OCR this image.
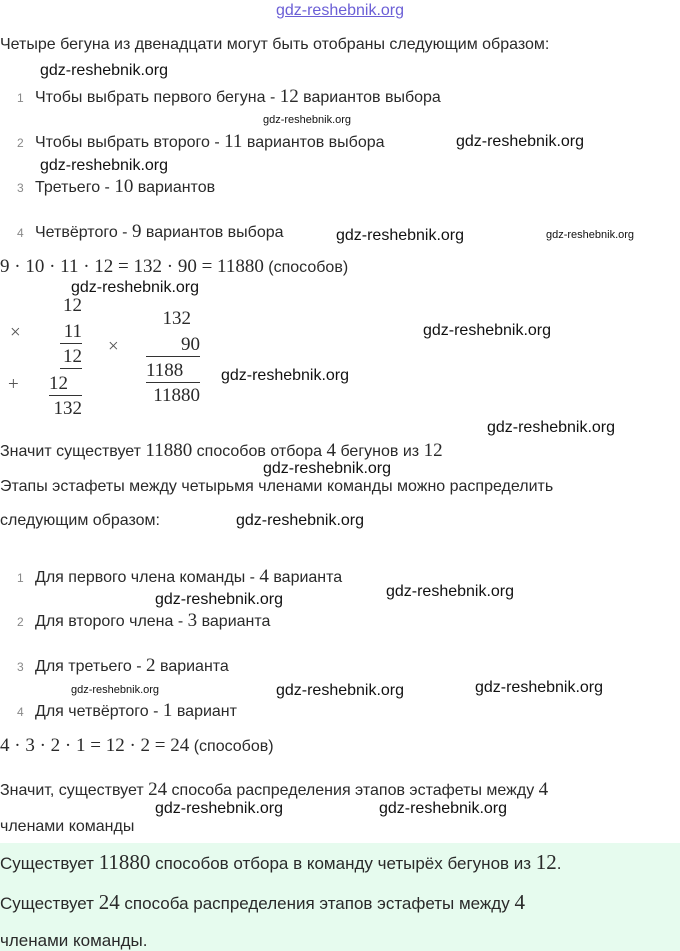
gdz-reshebnik.org
Четыре бегуна из двенадцати могут быть отобраны следующим образом:
1 Чтобы выбрать первого бегуна - 12 вариантов выбора
2 Чтобы выбрать второго - 11 вариантов выбора
3 Третьего - 10 вариантов
4 Четвёртого - 9 вариантов выбора
9 · 10 · 11 · 12 = 132 · 90 = 11880 (способов)
×
12
11
12
+ 12
132
×
132
90
1188
11880
Значит существует 11880 способов отбора 4 бегунов из 12
Этапы эстафеты между четырьмя членами команды можно распределить
следующим образом:
1 Для первого члена команды - 4 варианта
2 Для второго члена - 3 варианта
3 Для третьего - 2 варианта
4 Для четвёртого - 1 вариант
4 · 3 · 2 · 1 = 12 · 2 = 24 (способов)
Значит, существует 24 способа распределения этапов эстафеты между 4
членами команды
Существует 11880 способов отбора в команду четырёх бегунов из 12.
Существует 24 способа распределения этапов эстафеты между 4
членами команды.
gdz-reshebnik.org
gdz-reshebnik.org
gdz-reshebnik.org
gdz-reshebnik.org
gdz-reshebnik.org	gdz-reshebnik.org
gdz-reshebnik.org
gdz-reshebnik.org
gdz-reshebnik.org
gdz-reshebnik.org
gdz-reshebnik.org
gdz-reshebnik.org
gdz-reshebnik.org
gdz-reshebnik.org
gdz-reshebnik.org
gdz-reshebnik.org	gdz-reshebnik.org
gdz-reshebnik.org
gdz-reshebnik.org
